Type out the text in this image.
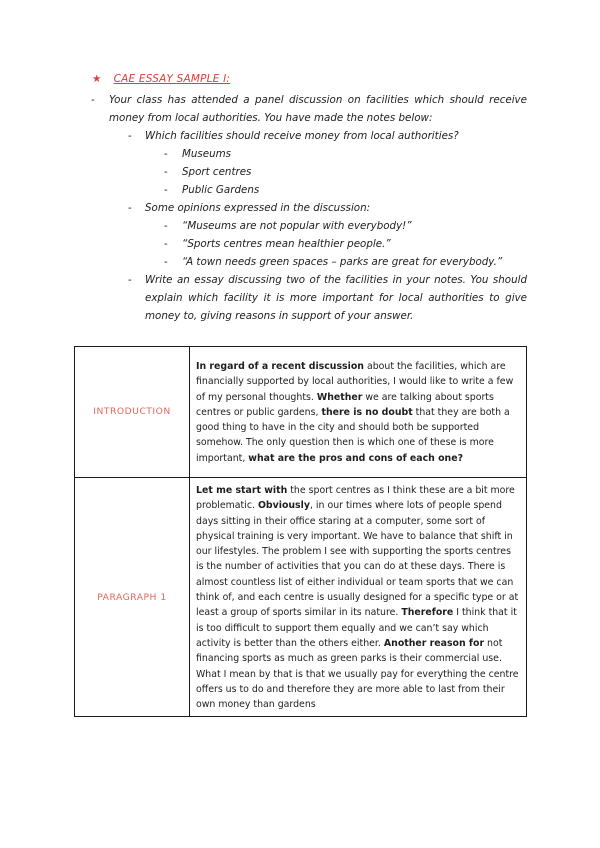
★ CAE ESSAY SAMPLE I:
- Your class has attended a panel discussion on facilities which should receive
money from local authorities. You have made the notes below:
- Which facilities should receive money from local authorities?
- Museums
- Sport centres
- Public Gardens
- Some opinions expressed in the discussion:
- “Museums are not popular with everybody!”
- “Sports centres mean healthier people.”
- “A town needs green spaces – parks are great for everybody.”
- Write an essay discussing two of the facilities in your notes. You should
explain which facility it is more important for local authorities to give
money to, giving reasons in support of your answer.
INTRODUCTION	In regard of a recent discussion about the facilities, which are financially supported by local authorities, I would like to write a few of my personal thoughts. Whether we are talking about sports centres or public gardens, there is no doubt that they are both a good thing to have in the city and should both be supported somehow. The only question then is which one of these is more important, what are the pros and cons of each one?
PARAGRAPH 1	Let me start with the sport centres as I think these are a bit more problematic. Obviously, in our times where lots of people spend days sitting in their office staring at a computer, some sort of physical training is very important. We have to balance that shift in our lifestyles. The problem I see with supporting the sports centres is the number of activities that you can do at these days. There is almost countless list of either individual or team sports that we can think of, and each centre is usually designed for a specific type or at least a group of sports similar in its nature. Therefore I think that it is too difficult to support them equally and we can’t say which activity is better than the others either. Another reason for not financing sports as much as green parks is their commercial use. What I mean by that is that we usually pay for everything the centre offers us to do and therefore they are more able to last from their own money than gardens
